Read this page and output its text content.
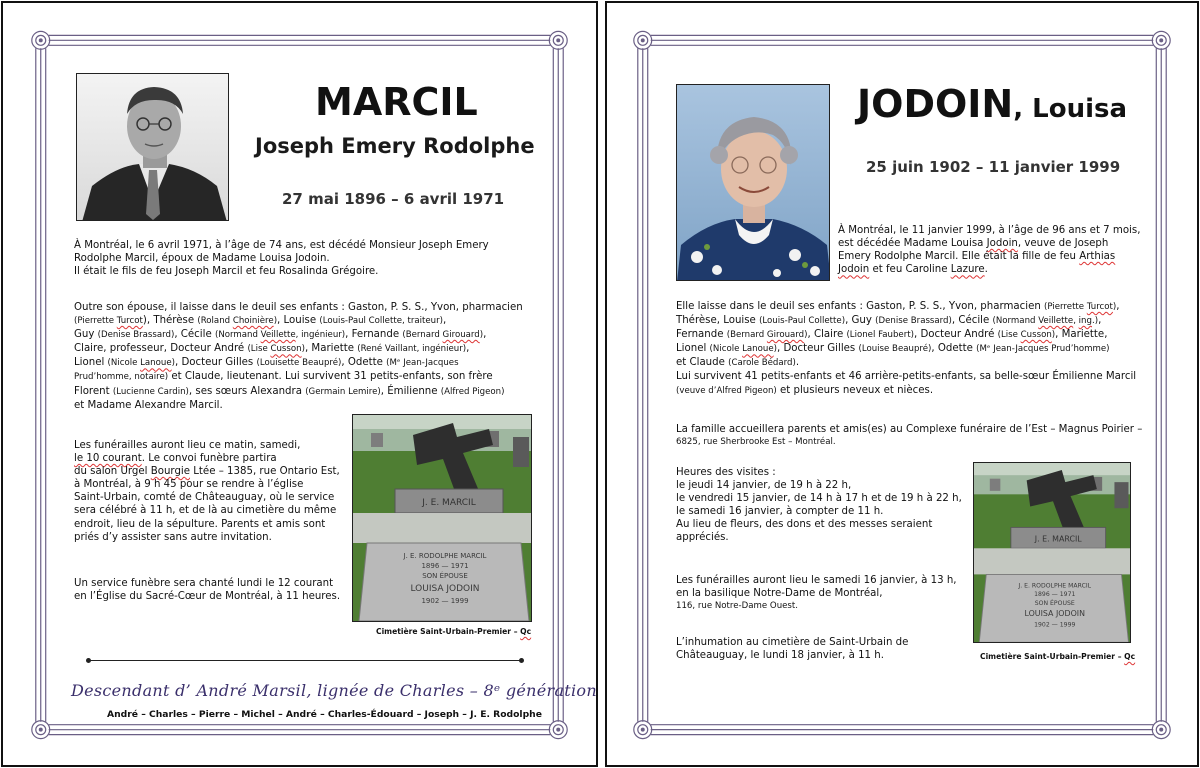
MARCIL
Joseph Emery Rodolphe
27 mai 1896 – 6 avril 1971

À Montréal, le 6 avril 1971, à l’âge de 74 ans, est décédé Monsieur Joseph Emery

Rodolphe Marcil, époux de Madame Louisa Jodoin.

Il était le fils de feu Joseph Marcil et feu Rosalinda Grégoire.

Outre son épouse, il laisse dans le deuil ses enfants : Gaston, P. S. S., Yvon, pharmacien

(Pierrette Turcot), Thérèse (Roland Choinière), Louise (Louis-Paul Collette, traiteur),

Guy (Denise Brassard), Cécile (Normand Veillette, ingénieur), Fernande (Bernard Girouard),

Claire, professeur, Docteur André (Lise Cusson), Mariette (René Vaillant, ingénieur),

Lionel (Nicole Lanoue), Docteur Gilles (Louisette Beaupré), Odette (Mᵉ Jean-Jacques

Prud’homme, notaire) et Claude, lieutenant. Lui survivent 31 petits-enfants, son frère

Florent (Lucienne Cardin), ses sœurs Alexandra (Germain Lemire), Émilienne (Alfred Pigeon)

et Madame Alexandre Marcil.

Les funérailles auront lieu ce matin, samedi,

le 10 courant. Le convoi funèbre partira

du salon Urgel Bourgie Ltée – 1385, rue Ontario Est,

à Montréal, à 9 h 45 pour se rendre à l’église

Saint-Urbain, comté de Châteauguay, où le service

sera célébré à 11 h, et de là au cimetière du même

endroit, lieu de la sépulture. Parents et amis sont

priés d’y assister sans autre invitation.

Un service funèbre sera chanté lundi le 12 courant

en l’Église du Sacré-Cœur de Montréal, à 11 heures.

J. E. MARCIL
J. E. RODOLPHE MARCIL
1896 — 1971
SON ÉPOUSE
LOUISA JODOIN
1902 — 1999
Cimetière Saint-Urbain-Premier – Qc
Descendant d’ André Marsil, lignée de Charles – 8ᵉ génération
André – Charles – Pierre – Michel – André – Charles-Édouard – Joseph – J. E. Rodolphe
JODOIN, Louisa
25 juin 1902 – 11 janvier 1999

À Montréal, le 11 janvier 1999, à l’âge de 96 ans et 7 mois,

est décédée Madame Louisa Jodoin, veuve de Joseph

Emery Rodolphe Marcil. Elle était la fille de feu Arthias

Jodoin et feu Caroline Lazure.

Elle laisse dans le deuil ses enfants : Gaston, P. S. S., Yvon, pharmacien (Pierrette Turcot),

Thérèse, Louise (Louis-Paul Collette), Guy (Denise Brassard), Cécile (Normand Veillette, ing.),

Fernande (Bernard Girouard), Claire (Lionel Faubert), Docteur André (Lise Cusson), Mariette,

Lionel (Nicole Lanoue), Docteur Gilles (Louise Beaupré), Odette (Mᵉ Jean-Jacques Prud’homme)

et Claude (Carole Bédard).

Lui survivent 41 petits-enfants et 46 arrière-petits-enfants, sa belle-sœur Émilienne Marcil

(veuve d’Alfred Pigeon) et plusieurs neveux et nièces.

La famille accueillera parents et amis(es) au Complexe funéraire de l’Est – Magnus Poirier –

6825, rue Sherbrooke Est – Montréal.

Heures des visites :

le jeudi 14 janvier, de 19 h à 22 h,

le vendredi 15 janvier, de 14 h à 17 h et de 19 h à 22 h,

le samedi 16 janvier, à compter de 11 h.

Au lieu de fleurs, des dons et des messes seraient

appréciés.

Les funérailles auront lieu le samedi 16 janvier, à 13 h,

en la basilique Notre-Dame de Montréal,

116, rue Notre-Dame Ouest.

L’inhumation au cimetière de Saint-Urbain de

Châteauguay, le lundi 18 janvier, à 11 h.

J. E. MARCIL
J. E. RODOLPHE MARCIL
1896 — 1971
SON ÉPOUSE
LOUISA JODOIN
1902 — 1999
Cimetière Saint-Urbain-Premier – Qc
